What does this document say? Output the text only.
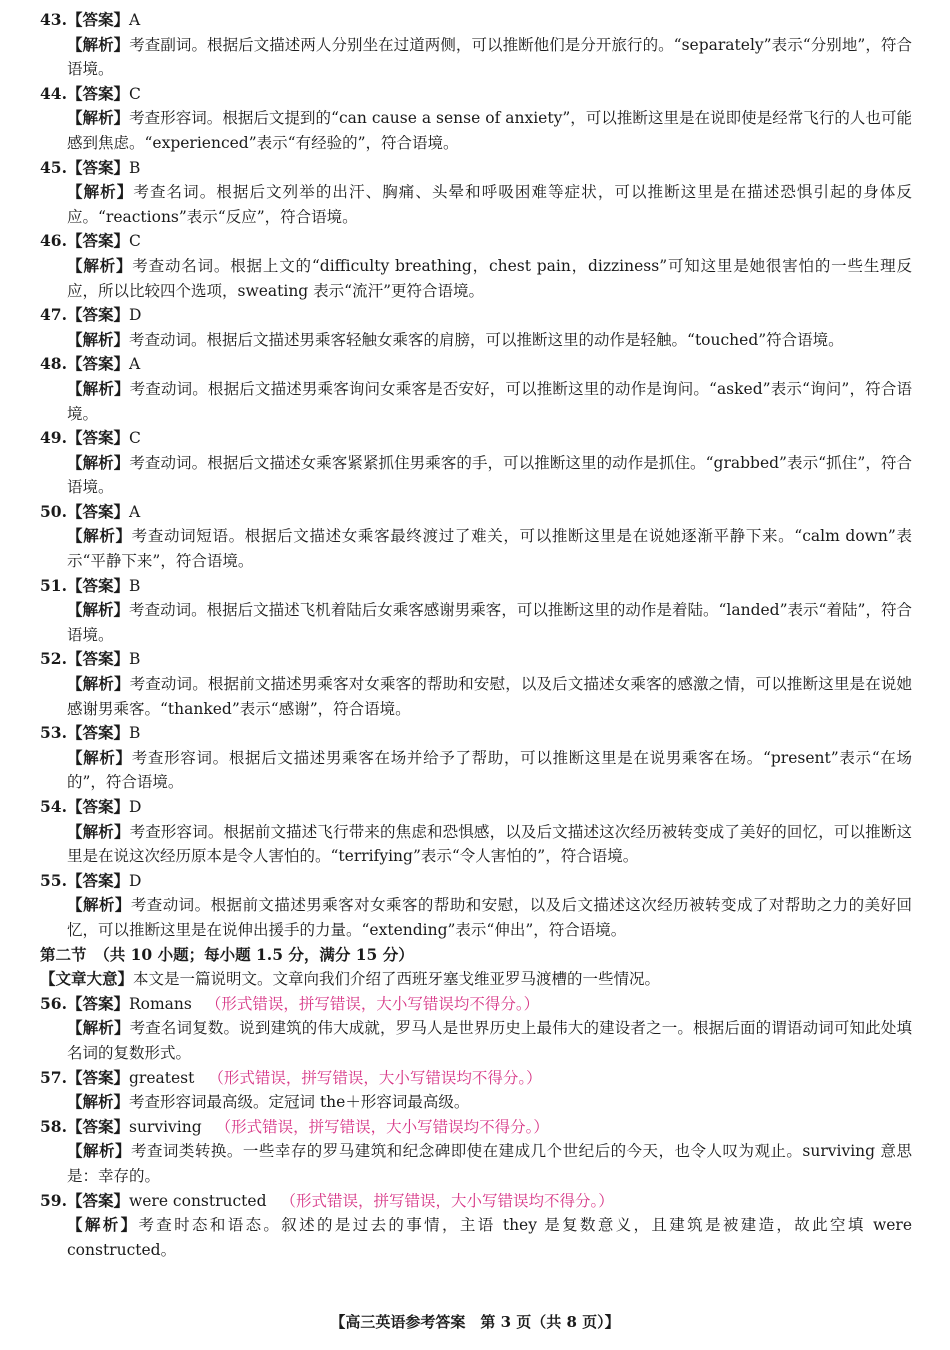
43.【答案】A
【解析】考查副词。根据后文描述两人分别坐在过道两侧，可以推断他们是分开旅行的。“separately”表示“分别地”，符合语境。
44.【答案】C
【解析】考查形容词。根据后文提到的“can cause a sense of anxiety”，可以推断这里是在说即使是经常飞行的人也可能感到焦虑。“experienced”表示“有经验的”，符合语境。
45.【答案】B
【解析】考查名词。根据后文列举的出汗、胸痛、头晕和呼吸困难等症状，可以推断这里是在描述恐惧引起的身体反应。“reactions”表示“反应”，符合语境。
46.【答案】C
【解析】考查动名词。根据上文的“difficulty breathing，chest pain，dizziness”可知这里是她很害怕的一些生理反应，所以比较四个选项，sweating 表示“流汗”更符合语境。
47.【答案】D
【解析】考查动词。根据后文描述男乘客轻触女乘客的肩膀，可以推断这里的动作是轻触。“touched”符合语境。
48.【答案】A
【解析】考查动词。根据后文描述男乘客询问女乘客是否安好，可以推断这里的动作是询问。“asked”表示“询问”，符合语境。
49.【答案】C
【解析】考查动词。根据后文描述女乘客紧紧抓住男乘客的手，可以推断这里的动作是抓住。“grabbed”表示“抓住”，符合语境。
50.【答案】A
【解析】考查动词短语。根据后文描述女乘客最终渡过了难关，可以推断这里是在说她逐渐平静下来。“calm down”表示“平静下来”，符合语境。
51.【答案】B
【解析】考查动词。根据后文描述飞机着陆后女乘客感谢男乘客，可以推断这里的动作是着陆。“landed”表示“着陆”，符合语境。
52.【答案】B
【解析】考查动词。根据前文描述男乘客对女乘客的帮助和安慰，以及后文描述女乘客的感激之情，可以推断这里是在说她感谢男乘客。“thanked”表示“感谢”，符合语境。
53.【答案】B
【解析】考查形容词。根据后文描述男乘客在场并给予了帮助，可以推断这里是在说男乘客在场。“present”表示“在场的”，符合语境。
54.【答案】D
【解析】考查形容词。根据前文描述飞行带来的焦虑和恐惧感，以及后文描述这次经历被转变成了美好的回忆，可以推断这里是在说这次经历原本是令人害怕的。“terrifying”表示“令人害怕的”，符合语境。
55.【答案】D
【解析】考查动词。根据前文描述男乘客对女乘客的帮助和安慰，以及后文描述这次经历被转变成了对帮助之力的美好回忆，可以推断这里是在说伸出援手的力量。“extending”表示“伸出”，符合语境。
第二节　（共 10 小题；每小题 1.5 分，满分 15 分）
【文章大意】本文是一篇说明文。文章向我们介绍了西班牙塞戈维亚罗马渡槽的一些情况。
56.【答案】Romans （形式错误，拼写错误，大小写错误均不得分。）
【解析】考查名词复数。说到建筑的伟大成就，罗马人是世界历史上最伟大的建设者之一。根据后面的谓语动词可知此处填名词的复数形式。
57.【答案】greatest （形式错误，拼写错误，大小写错误均不得分。）
【解析】考查形容词最高级。定冠词 the＋形容词最高级。
58.【答案】surviving （形式错误，拼写错误，大小写错误均不得分。）
【解析】考查词类转换。一些幸存的罗马建筑和纪念碑即使在建成几个世纪后的今天，也令人叹为观止。surviving 意思是：幸存的。
59.【答案】were constructed （形式错误，拼写错误，大小写错误均不得分。）
【解析】考查时态和语态。叙述的是过去的事情，主语 they 是复数意义，且建筑是被建造，故此空填 were constructed。
【高三英语参考答案　第 3 页（共 8 页）】
